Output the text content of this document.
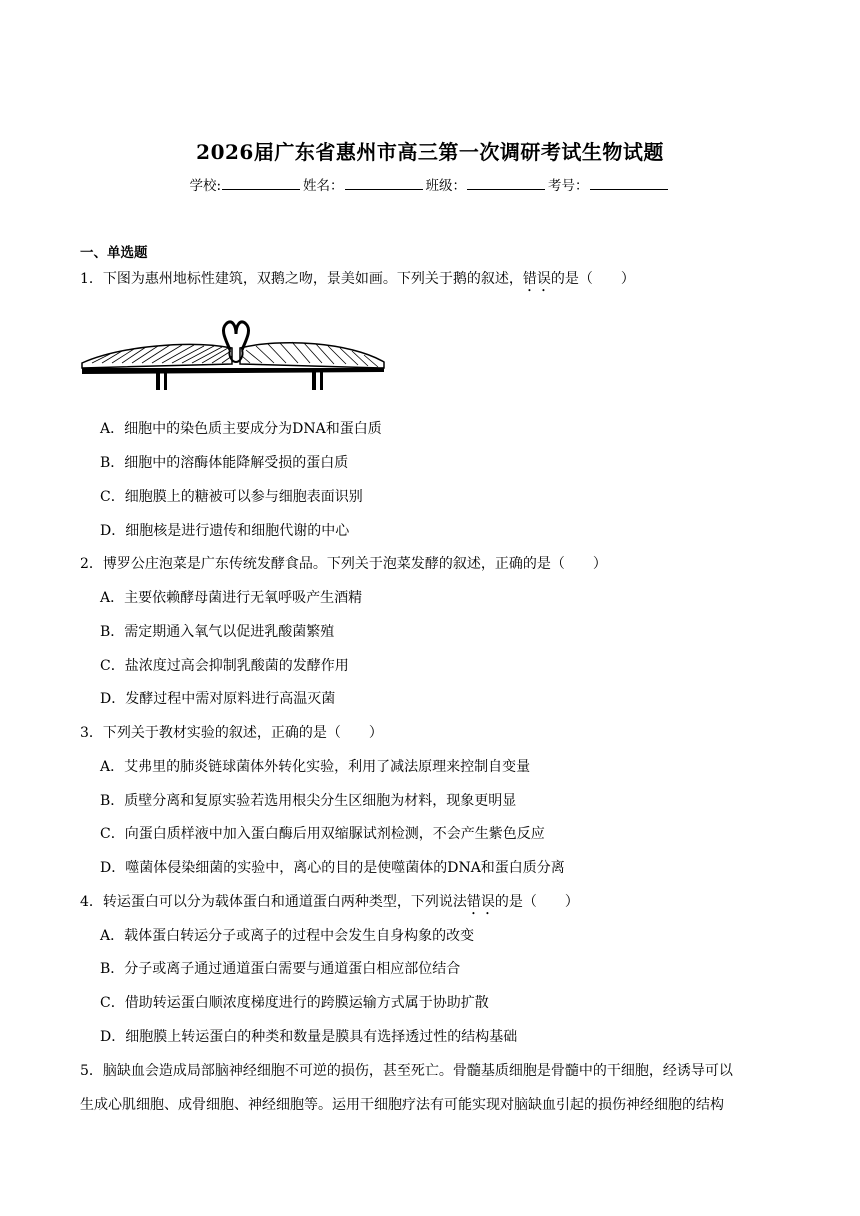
2026届广东省惠州市高三第一次调研考试生物试题
学校:	姓名：	班级：	考号：
一、单选题
1．下图为惠州地标性建筑，双鹅之吻，景美如画。下列关于鹅的叙述，错误的是（　　）
A．细胞中的染色质主要成分为DNA和蛋白质
B．细胞中的溶酶体能降解受损的蛋白质
C．细胞膜上的糖被可以参与细胞表面识别
D．细胞核是进行遗传和细胞代谢的中心
2．博罗公庄泡菜是广东传统发酵食品。下列关于泡菜发酵的叙述，正确的是（　　）
A．主要依赖酵母菌进行无氧呼吸产生酒精
B．需定期通入氧气以促进乳酸菌繁殖
C．盐浓度过高会抑制乳酸菌的发酵作用
D．发酵过程中需对原料进行高温灭菌
3．下列关于教材实验的叙述，正确的是（　　）
A．艾弗里的肺炎链球菌体外转化实验，利用了减法原理来控制自变量
B．质壁分离和复原实验若选用根尖分生区细胞为材料，现象更明显
C．向蛋白质样液中加入蛋白酶后用双缩脲试剂检测，不会产生紫色反应
D．噬菌体侵染细菌的实验中，离心的目的是使噬菌体的DNA和蛋白质分离
4．转运蛋白可以分为载体蛋白和通道蛋白两种类型，下列说法错误的是（　　）
A．载体蛋白转运分子或离子的过程中会发生自身构象的改变
B．分子或离子通过通道蛋白需要与通道蛋白相应部位结合
C．借助转运蛋白顺浓度梯度进行的跨膜运输方式属于协助扩散
D．细胞膜上转运蛋白的种类和数量是膜具有选择透过性的结构基础
5．脑缺血会造成局部脑神经细胞不可逆的损伤，甚至死亡。骨髓基质细胞是骨髓中的干细胞，经诱导可以
生成心肌细胞、成骨细胞、神经细胞等。运用干细胞疗法有可能实现对脑缺血引起的损伤神经细胞的结构
